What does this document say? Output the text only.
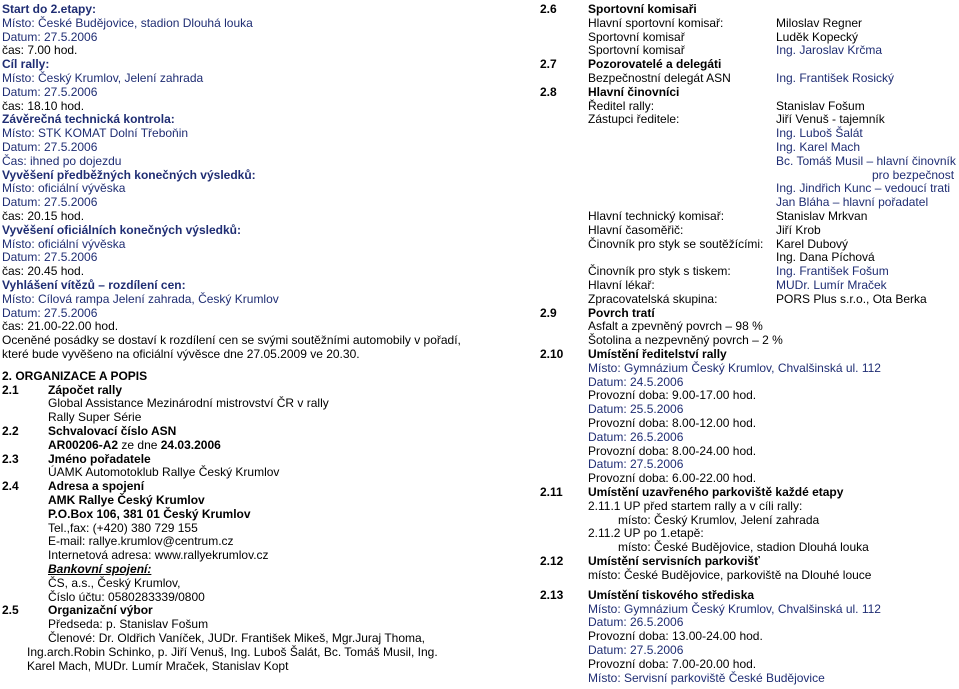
Start do 2.etapy:
Místo: České Budějovice, stadion Dlouhá louka
Datum: 27.5.2006
čas: 7.00 hod.
Cíl rally:
Místo: Český Krumlov, Jelení zahrada
Datum: 27.5.2006
čas: 18.10 hod.
Závěrečná technická kontrola:
Místo: STK KOMAT Dolní Třeboňin
Datum: 27.5.2006
Čas: ihned po dojezdu
Vyvěšení předběžných konečných výsledků:
Místo: oficiální vývěska
Datum: 27.5.2006
čas: 20.15 hod.
Vyvěšení oficiálních konečných výsledků:
Místo: oficiální vývěska
Datum: 27.5.2006
čas: 20.45 hod.
Vyhlášení vítězů – rozdílení cen:
Místo: Cílová rampa Jelení zahrada, Český Krumlov
Datum: 27.5.2006
čas: 21.00-22.00 hod.
Oceněné posádky se dostaví k rozdílení cen se svými soutěžními automobily v pořadí,
které bude vyvěšeno na oficiální vývěsce dne 27.05.2009 ve 20.30.
2. ORGANIZACE A POPIS
2.1 Zápočet rally
Global Assistance Mezinárodní mistrovství ČR v rally
Rally Super Série
2.2 Schvalovací číslo ASN
AR00206-A2 ze dne 24.03.2006
2.3 Jméno pořadatele
ÚAMK Automotoklub Rallye Český Krumlov
2.4 Adresa a spojení
AMK Rallye Český Krumlov
P.O.Box 106, 381 01 Český Krumlov
Tel.,fax: (+420) 380 729 155
E-mail: rallye.krumlov@centrum.cz
Internetová adresa: www.rallyekrumlov.cz
Bankovní spojení:
ČS, a.s., Český Krumlov,
Číslo účtu: 0580283339/0800
2.5 Organizační výbor
Předseda: p. Stanislav Fošum
Členové: Dr. Oldřich Vaníček, JUDr. František Mikeš, Mgr.Juraj Thoma,
Ing.arch.Robin Schinko, p. Jiří Venuš, Ing. Luboš Šalát, Bc. Tomáš Musil, Ing.
Karel Mach, MUDr. Lumír Mraček, Stanislav Kopt
2.6	Sportovní komisaři
Hlavní sportovní komisař:	Miloslav Regner
Sportovní komisař	Luděk Kopecký
Sportovní komisař	Ing. Jaroslav Krčma
2.7	Pozorovatelé a delegáti
Bezpečnostní delegát ASN	Ing. František Rosický
2.8	Hlavní činovníci
Ředitel rally:	Stanislav Fošum
Zástupci ředitele:	Jiří Venuš - tajemník
Ing. Luboš Šalát
Ing. Karel Mach
Bc. Tomáš Musil – hlavní činovník
pro bezpečnost
Ing. Jindřich Kunc – vedoucí trati
Jan Bláha – hlavní pořadatel
Hlavní technický komisař:	Stanislav Mrkvan
Hlavní časoměřič:	Jiří Krob
Činovník pro styk se soutěžícími: Karel Dubový
Ing. Dana Píchová
Činovník pro styk s tiskem:	Ing. František Fošum
Hlavní lékař:	MUDr. Lumír Mraček
Zpracovatelská skupina:	PORS Plus s.r.o., Ota Berka
2.9	Povrch tratí
Asfalt a zpevněný povrch – 98 %
Šotolina a nezpevněný povrch – 2 %
2.10 Umístění ředitelství rally
Místo: Gymnázium Český Krumlov, Chvalšinská ul. 112
Datum: 24.5.2006
Provozní doba: 9.00-17.00 hod.
Datum: 25.5.2006
Provozní doba: 8.00-12.00 hod.
Datum: 26.5.2006
Provozní doba: 8.00-24.00 hod.
Datum: 27.5.2006
Provozní doba: 6.00-22.00 hod.
2.11 Umístění uzavřeného parkoviště každé etapy
2.11.1 UP před startem rally a v cíli rally:
místo: Český Krumlov, Jelení zahrada
2.11.2 UP po 1.etapě:
místo: České Budějovice, stadion Dlouhá louka
2.12 Umístění servisních parkovišť
místo: České Budějovice, parkoviště na Dlouhé louce
2.13 Umístění tiskového střediska
Místo: Gymnázium Český Krumlov, Chvalšinská ul. 112
Datum: 26.5.2006
Provozní doba: 13.00-24.00 hod.
Datum: 27.5.2006
Provozní doba: 7.00-20.00 hod.
Místo: Servisní parkoviště České Budějovice
